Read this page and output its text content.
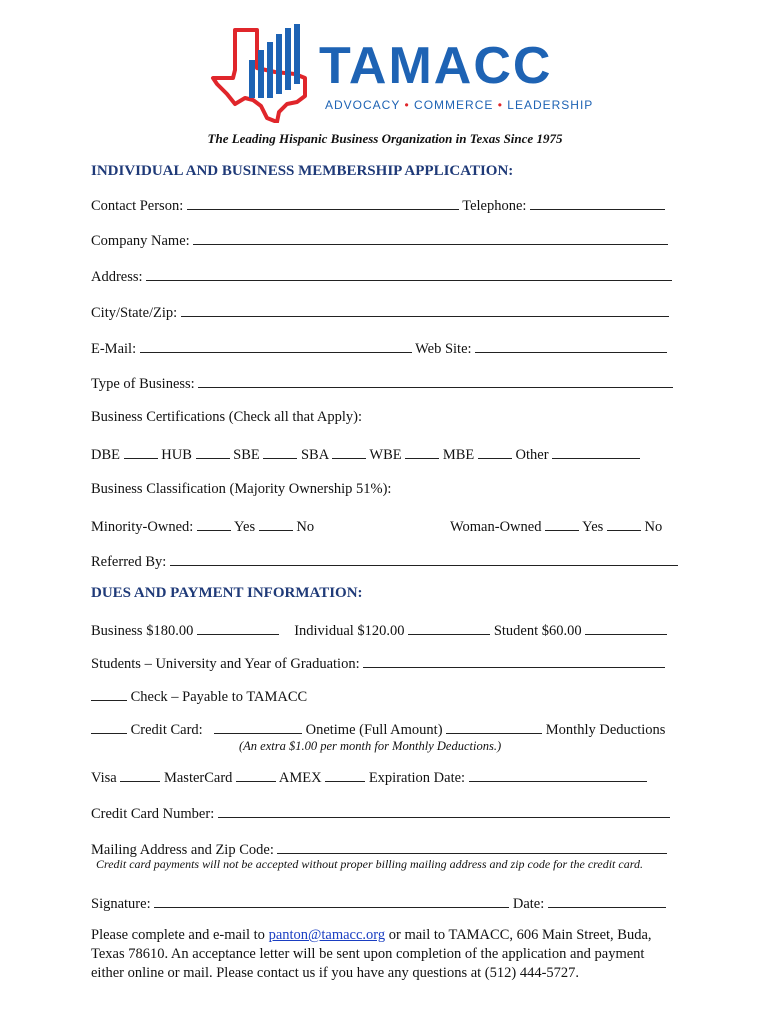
TAMACC
ADVOCACY • COMMERCE • LEADERSHIP
The Leading Hispanic Business Organization in Texas Since 1975
INDIVIDUAL AND BUSINESS MEMBERSHIP APPLICATION:
Contact Person:	Telephone:
Company Name:
Address:
City/State/Zip:
E-Mail:	Web Site:
Type of Business:
Business Certifications (Check all that Apply):
DBE	HUB	SBE	SBA	WBE	MBE	Other
Business Classification (Majority Ownership 51%):
Minority-Owned:	Yes	No	Woman-Owned	Yes	No
Referred By:
DUES AND PAYMENT INFORMATION:
Business $180.00	Individual $120.00	Student $60.00
Students – University and Year of Graduation:
Check – Payable to TAMACC
Credit Card:	Onetime (Full Amount)	Monthly Deductions
(An extra $1.00 per month for Monthly Deductions.)
Visa	MasterCard	AMEX	Expiration Date:
Credit Card Number:
Mailing Address and Zip Code:
Credit card payments will not be accepted without proper billing mailing address and zip code for the credit card.
Signature:	Date:
Please complete and e-mail to panton@tamacc.org or mail to TAMACC, 606 Main Street, Buda,
Texas 78610. An acceptance letter will be sent upon completion of the application and payment
either online or mail. Please contact us if you have any questions at (512) 444-5727.
